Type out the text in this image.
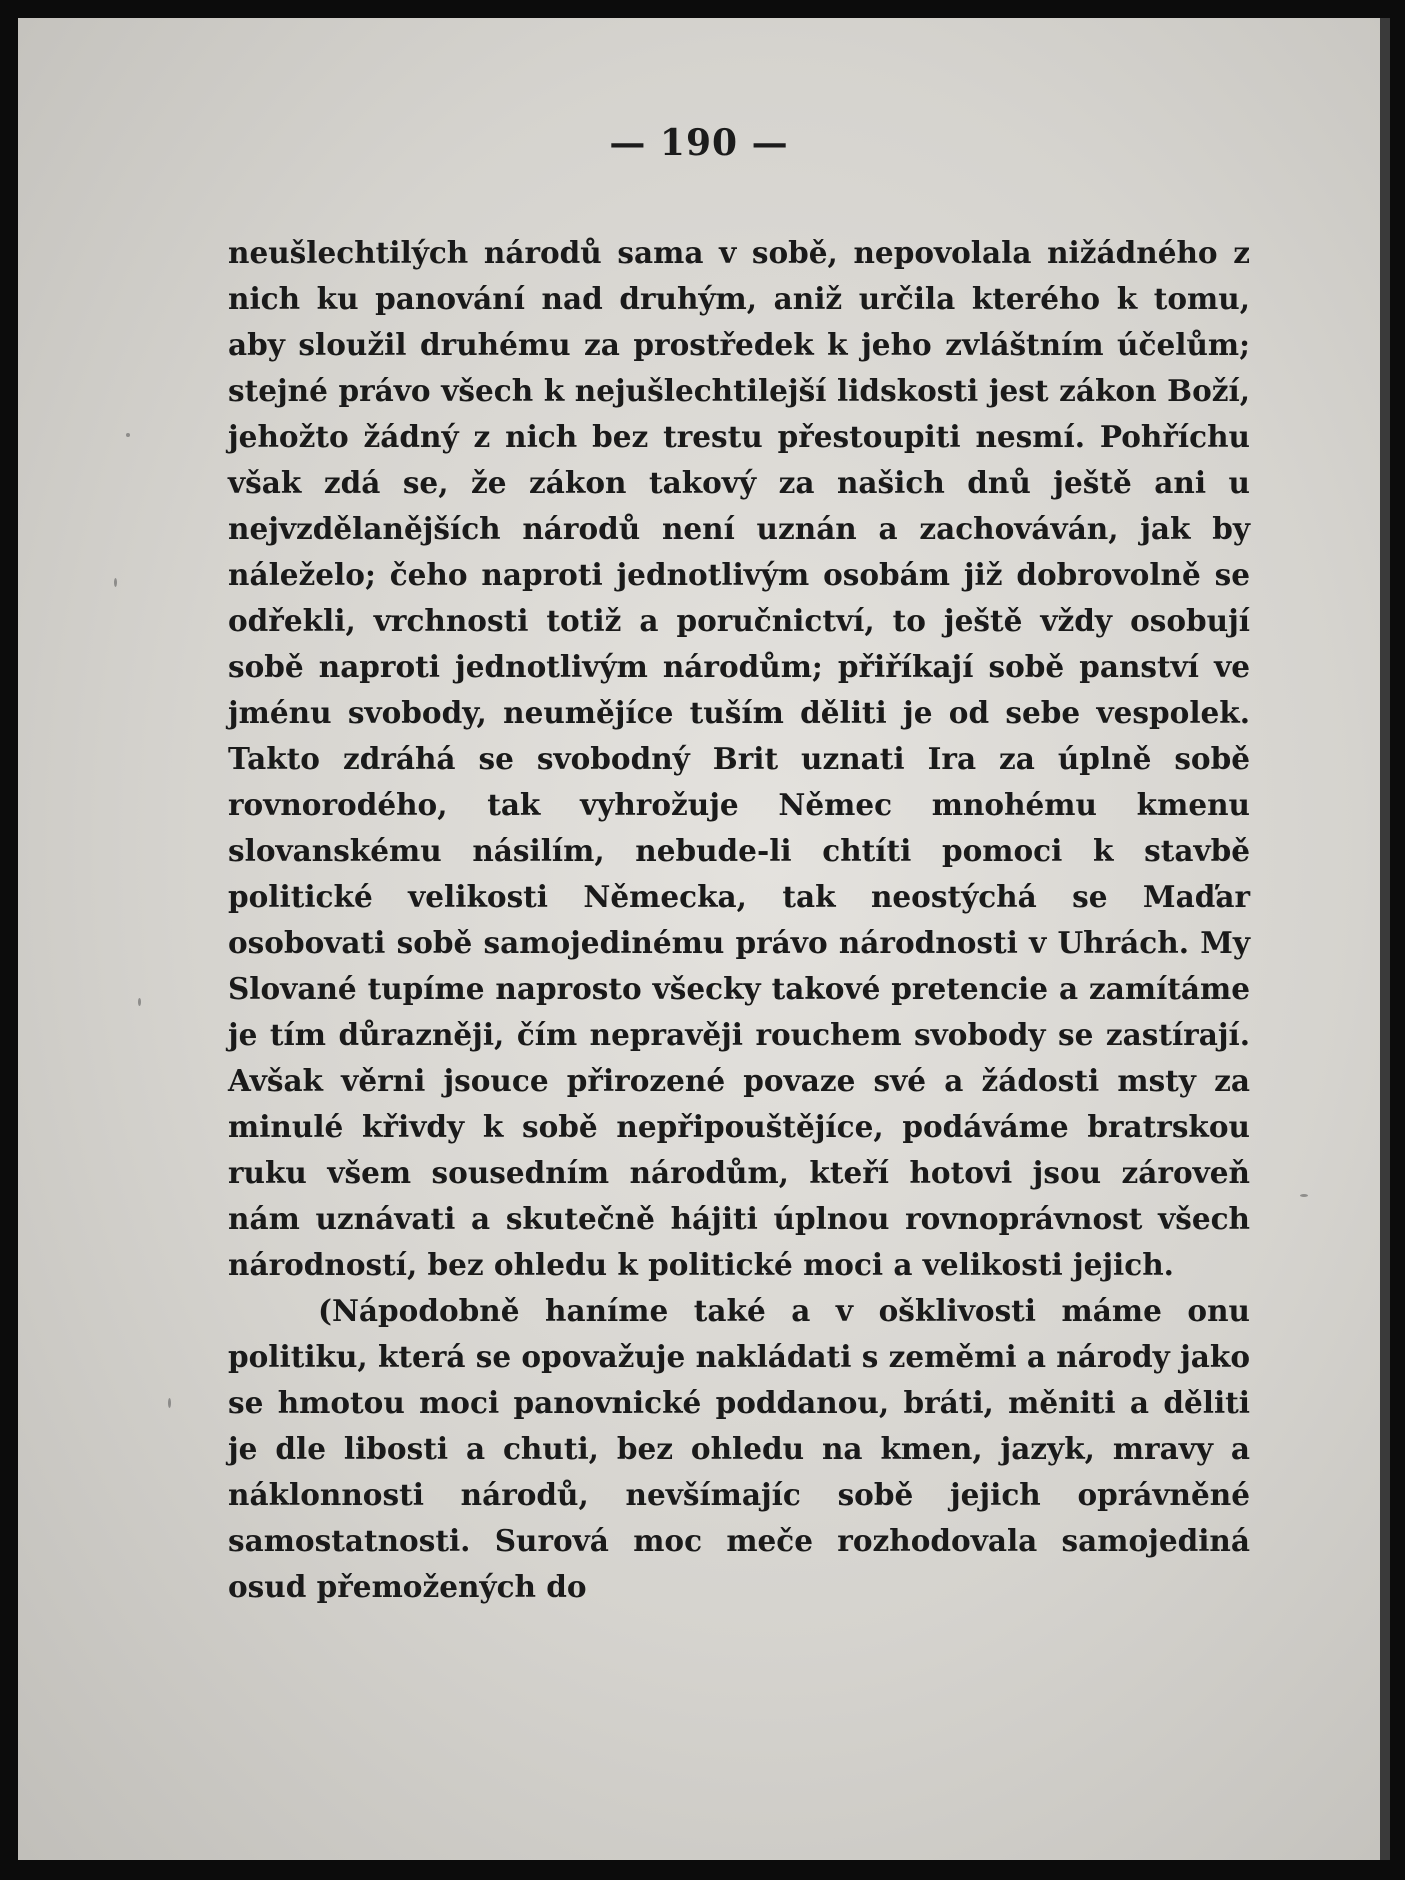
— 190 —

neušlechtilých národů sama v sobě, nepovolala nižádného z nich ku panování nad druhým, aniž určila kterého k tomu, aby sloužil druhému za prostředek k jeho zvláštním účelům; stejné právo všech k nejušlechtilejší lidskosti jest zákon Boží, jehožto žádný z nich bez trestu přestoupiti nesmí. Pohříchu však zdá se, že zákon takový za našich dnů ještě ani u nejvzdělanějších národů není uznán a zachováván, jak by náleželo; čeho naproti jednotlivým osobám již dobrovolně se odřekli, vrchnosti totiž a poručnictví, to ještě vždy osobují sobě naproti jednotlivým národům; přiříkají sobě panství ve jménu svobody, neumějíce tuším děliti je od sebe vespolek. Takto zdráhá se svobodný Brit uznati Ira za úplně sobě rovnorodého, tak vyhrožuje Němec mnohému kmenu slovanskému násilím, nebude-li chtíti pomoci k stavbě politické velikosti Německa, tak neostýchá se Maďar osobovati sobě samojedinému právo národnosti v Uhrách. My Slované tupíme naprosto všecky takové pretencie a zamítáme je tím důrazněji, čím nepravěji rouchem svobody se zastírají. Avšak věrni jsouce přirozené povaze své a žádosti msty za minulé křivdy k sobě nepřipouštějíce, podáváme bratrskou ruku všem sousedním národům, kteří hotovi jsou zároveň nám uznávati a skutečně hájiti úplnou rovnoprávnost všech národností, bez ohledu k politické moci a velikosti jejich.

(Nápodobně haníme také a v ošklivosti máme onu politiku, která se opovažuje nakládati s zeměmi a národy jako se hmotou moci panovnické poddanou, bráti, měniti a děliti je dle libosti a chuti, bez ohledu na kmen, jazyk, mravy a náklonnosti národů, nevšímajíc sobě jejich oprávněné samostatnosti. Surová moc meče rozhodovala samojediná osud přemožených do
